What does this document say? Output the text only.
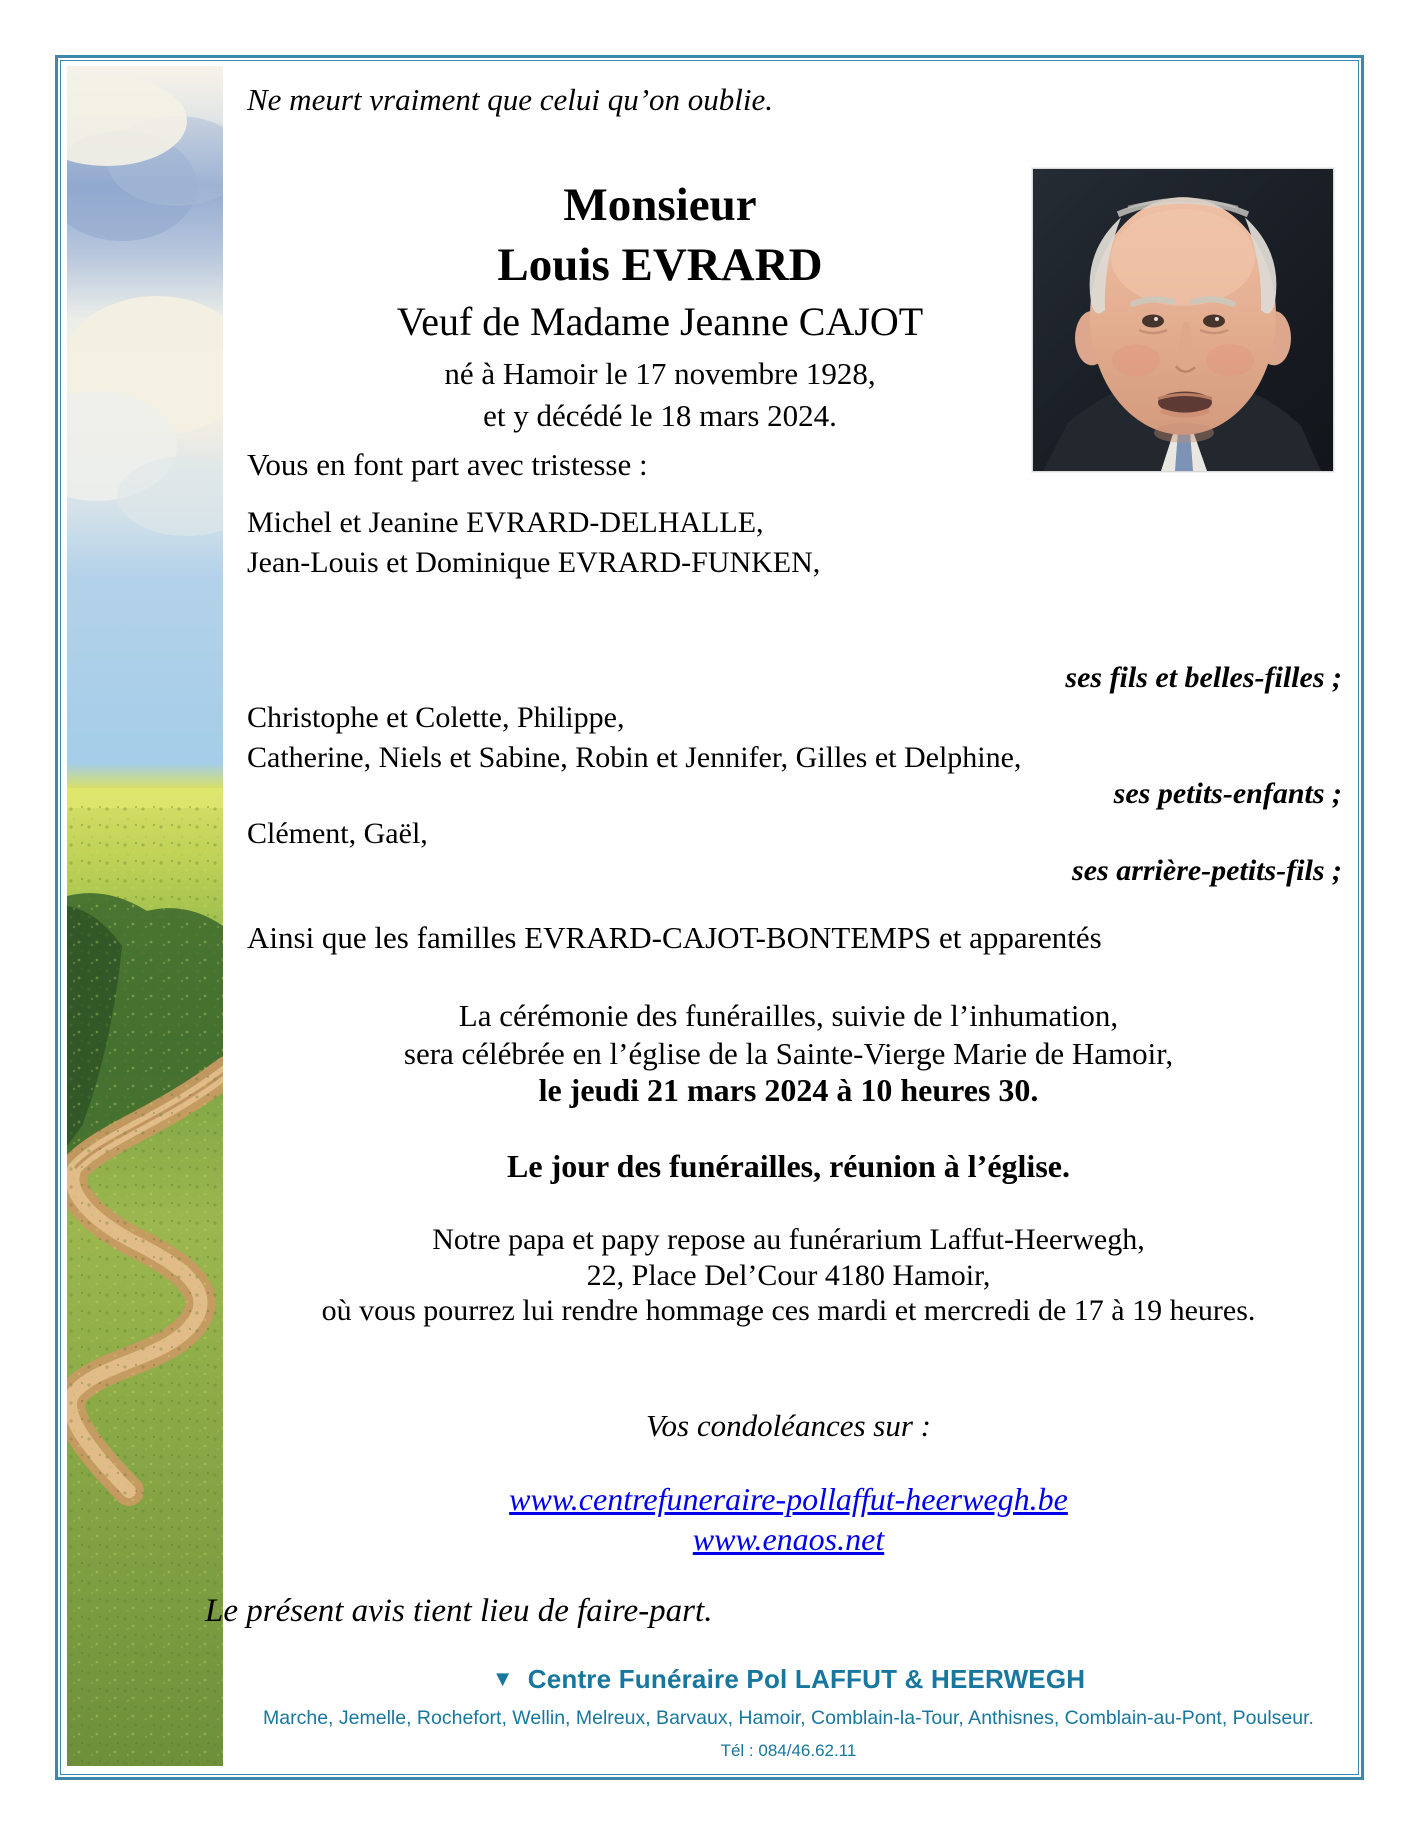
Ne meurt vraiment que celui qu’on oublie.
Monsieur
Louis EVRARD
Veuf de Madame Jeanne CAJOT
né à Hamoir le 17 novembre 1928,
et y décédé le 18 mars 2024.
Vous en font part avec tristesse :
Michel et Jeanine EVRARD-DELHALLE,
Jean-Louis et Dominique EVRARD-FUNKEN,
ses fils et belles-filles ;
Christophe et Colette, Philippe,
Catherine, Niels et Sabine, Robin et Jennifer, Gilles et Delphine,
ses petits-enfants ;
Clément, Gaël,
ses arrière-petits-fils ;
Ainsi que les familles EVRARD-CAJOT-BONTEMPS et apparentés
La cérémonie des funérailles, suivie de l’inhumation,
sera célébrée en l’église de la Sainte-Vierge Marie de Hamoir,
le jeudi 21 mars 2024 à 10 heures 30.
Le jour des funérailles, réunion à l’église.
Notre papa et papy repose au funérarium Laffut-Heerwegh,
22, Place Del’Cour 4180 Hamoir,
où vous pourrez lui rendre hommage ces mardi et mercredi de 17 à 19 heures.
Vos condoléances sur :
www.centrefuneraire-pollaffut-heerwegh.be
www.enaos.net
Le présent avis tient lieu de faire-part.
▼ Centre Funéraire Pol LAFFUT & HEERWEGH
Marche, Jemelle, Rochefort, Wellin, Melreux, Barvaux, Hamoir, Comblain-la-Tour, Anthisnes, Comblain-au-Pont, Poulseur.
Tél : 084/46.62.11
